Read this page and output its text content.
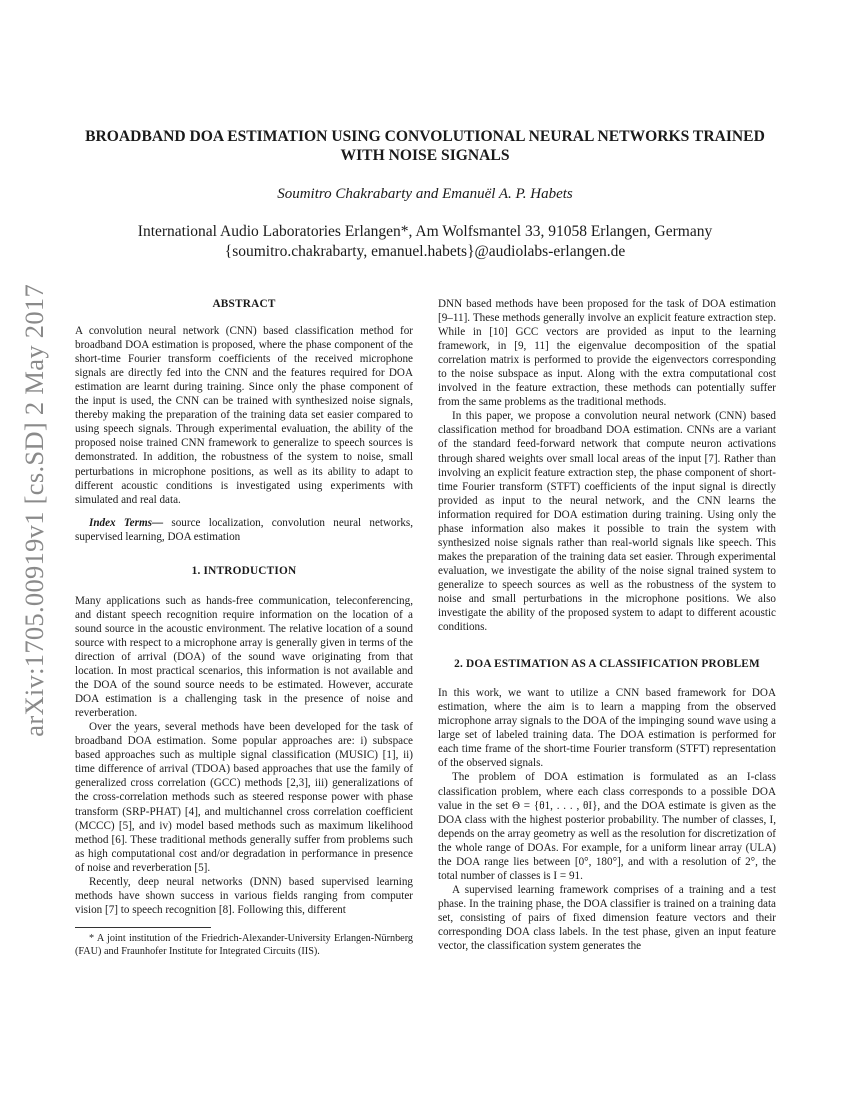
arXiv:1705.00919v1 [cs.SD] 2 May 2017
BROADBAND DOA ESTIMATION USING CONVOLUTIONAL NEURAL NETWORKS TRAINED WITH NOISE SIGNALS
Soumitro Chakrabarty and Emanuël A. P. Habets
International Audio Laboratories Erlangen*, Am Wolfsmantel 33, 91058 Erlangen, Germany
{soumitro.chakrabarty, emanuel.habets}@audiolabs-erlangen.de
ABSTRACT

A convolution neural network (CNN) based classification method for broadband DOA estimation is proposed, where the phase component of the short-time Fourier transform coefficients of the received microphone signals are directly fed into the CNN and the features required for DOA estimation are learnt during training. Since only the phase component of the input is used, the CNN can be trained with synthesized noise signals, thereby making the preparation of the training data set easier compared to using speech signals. Through experimental evaluation, the ability of the proposed noise trained CNN framework to generalize to speech sources is demonstrated. In addition, the robustness of the system to noise, small perturbations in microphone positions, as well as its ability to adapt to different acoustic conditions is investigated using experiments with simulated and real data.

Index Terms— source localization, convolution neural networks, supervised learning, DOA estimation

1. INTRODUCTION

Many applications such as hands-free communication, teleconferencing, and distant speech recognition require information on the location of a sound source in the acoustic environment. The relative location of a sound source with respect to a microphone array is generally given in terms of the direction of arrival (DOA) of the sound wave originating from that location. In most practical scenarios, this information is not available and the DOA of the sound source needs to be estimated. However, accurate DOA estimation is a challenging task in the presence of noise and reverberation.

Over the years, several methods have been developed for the task of broadband DOA estimation. Some popular approaches are: i) subspace based approaches such as multiple signal classification (MUSIC) [1], ii) time difference of arrival (TDOA) based approaches that use the family of generalized cross correlation (GCC) methods [2,3], iii) generalizations of the cross-correlation methods such as steered response power with phase transform (SRP-PHAT) [4], and multichannel cross correlation coefficient (MCCC) [5], and iv) model based methods such as maximum likelihood method [6]. These traditional methods generally suffer from problems such as high computational cost and/or degradation in performance in presence of noise and reverberation [5].

Recently, deep neural networks (DNN) based supervised learning methods have shown success in various fields ranging from computer vision [7] to speech recognition [8]. Following this, different

* A joint institution of the Friedrich-Alexander-University Erlangen-Nürnberg (FAU) and Fraunhofer Institute for Integrated Circuits (IIS).

DNN based methods have been proposed for the task of DOA estimation [9–11]. These methods generally involve an explicit feature extraction step. While in [10] GCC vectors are provided as input to the learning framework, in [9, 11] the eigenvalue decomposition of the spatial correlation matrix is performed to provide the eigenvectors corresponding to the noise subspace as input. Along with the extra computational cost involved in the feature extraction, these methods can potentially suffer from the same problems as the traditional methods.

In this paper, we propose a convolution neural network (CNN) based classification method for broadband DOA estimation. CNNs are a variant of the standard feed-forward network that compute neuron activations through shared weights over small local areas of the input [7]. Rather than involving an explicit feature extraction step, the phase component of short-time Fourier transform (STFT) coefficients of the input signal is directly provided as input to the neural network, and the CNN learns the information required for DOA estimation during training. Using only the phase information also makes it possible to train the system with synthesized noise signals rather than real-world signals like speech. This makes the preparation of the training data set easier. Through experimental evaluation, we investigate the ability of the noise signal trained system to generalize to speech sources as well as the robustness of the system to noise and small perturbations in the microphone positions. We also investigate the ability of the proposed system to adapt to different acoustic conditions.

2. DOA ESTIMATION AS A CLASSIFICATION PROBLEM

In this work, we want to utilize a CNN based framework for DOA estimation, where the aim is to learn a mapping from the observed microphone array signals to the DOA of the impinging sound wave using a large set of labeled training data. The DOA estimation is performed for each time frame of the short-time Fourier transform (STFT) representation of the observed signals.

The problem of DOA estimation is formulated as an I-class classification problem, where each class corresponds to a possible DOA value in the set Θ = {θ1, . . . , θI}, and the DOA estimate is given as the DOA class with the highest posterior probability. The number of classes, I, depends on the array geometry as well as the resolution for discretization of the whole range of DOAs. For example, for a uniform linear array (ULA) the DOA range lies between [0°, 180°], and with a resolution of 2°, the total number of classes is I = 91.

A supervised learning framework comprises of a training and a test phase. In the training phase, the DOA classifier is trained on a training data set, consisting of pairs of fixed dimension feature vectors and their corresponding DOA class labels. In the test phase, given an input feature vector, the classification system generates the
